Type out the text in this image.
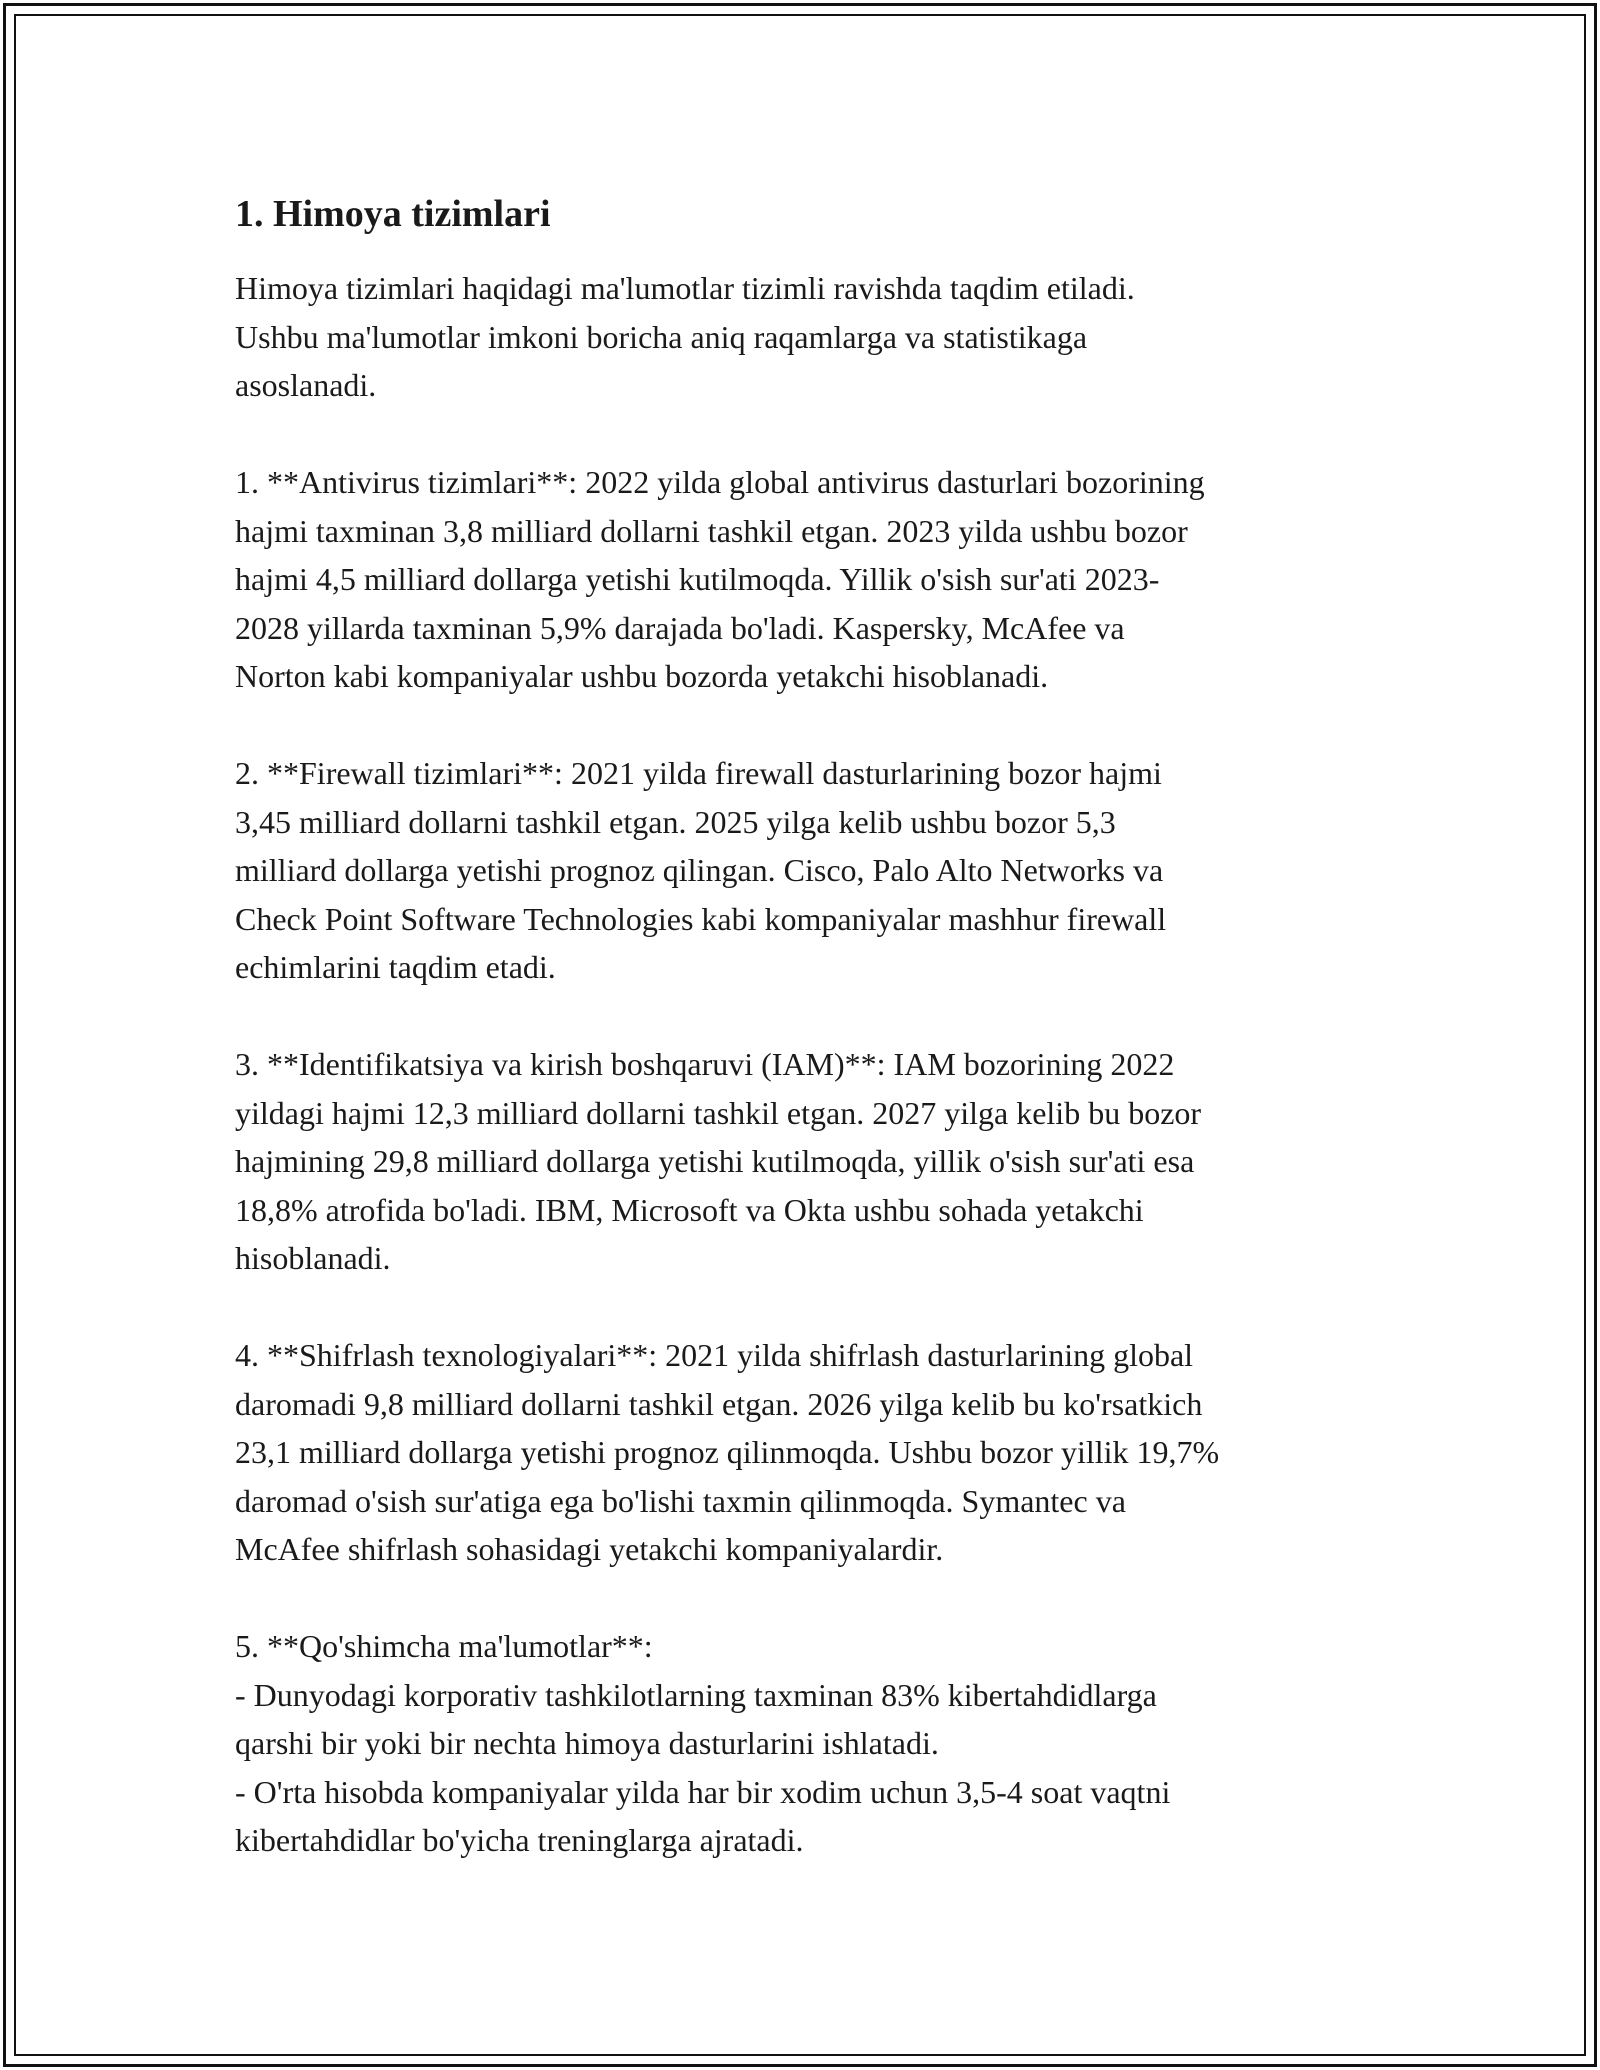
1. Himoya tizimlari

Himoya tizimlari haqidagi ma'lumotlar tizimli ravishda taqdim etiladi.
Ushbu ma'lumotlar imkoni boricha aniq raqamlarga va statistikaga
asoslanadi.

1. **Antivirus tizimlari**: 2022 yilda global antivirus dasturlari bozorining
hajmi taxminan 3,8 milliard dollarni tashkil etgan. 2023 yilda ushbu bozor
hajmi 4,5 milliard dollarga yetishi kutilmoqda. Yillik o'sish sur'ati 2023-
2028 yillarda taxminan 5,9% darajada bo'ladi. Kaspersky, McAfee va
Norton kabi kompaniyalar ushbu bozorda yetakchi hisoblanadi.

2. **Firewall tizimlari**: 2021 yilda firewall dasturlarining bozor hajmi
3,45 milliard dollarni tashkil etgan. 2025 yilga kelib ushbu bozor 5,3
milliard dollarga yetishi prognoz qilingan. Cisco, Palo Alto Networks va
Check Point Software Technologies kabi kompaniyalar mashhur firewall
echimlarini taqdim etadi.

3. **Identifikatsiya va kirish boshqaruvi (IAM)**: IAM bozorining 2022
yildagi hajmi 12,3 milliard dollarni tashkil etgan. 2027 yilga kelib bu bozor
hajmining 29,8 milliard dollarga yetishi kutilmoqda, yillik o'sish sur'ati esa
18,8% atrofida bo'ladi. IBM, Microsoft va Okta ushbu sohada yetakchi
hisoblanadi.

4. **Shifrlash texnologiyalari**: 2021 yilda shifrlash dasturlarining global
daromadi 9,8 milliard dollarni tashkil etgan. 2026 yilga kelib bu ko'rsatkich
23,1 milliard dollarga yetishi prognoz qilinmoqda. Ushbu bozor yillik 19,7%
daromad o'sish sur'atiga ega bo'lishi taxmin qilinmoqda. Symantec va
McAfee shifrlash sohasidagi yetakchi kompaniyalardir.

5. **Qo'shimcha ma'lumotlar**:
- Dunyodagi korporativ tashkilotlarning taxminan 83% kibertahdidlarga
qarshi bir yoki bir nechta himoya dasturlarini ishlatadi.
- O'rta hisobda kompaniyalar yilda har bir xodim uchun 3,5-4 soat vaqtni
kibertahdidlar bo'yicha treninglarga ajratadi.
